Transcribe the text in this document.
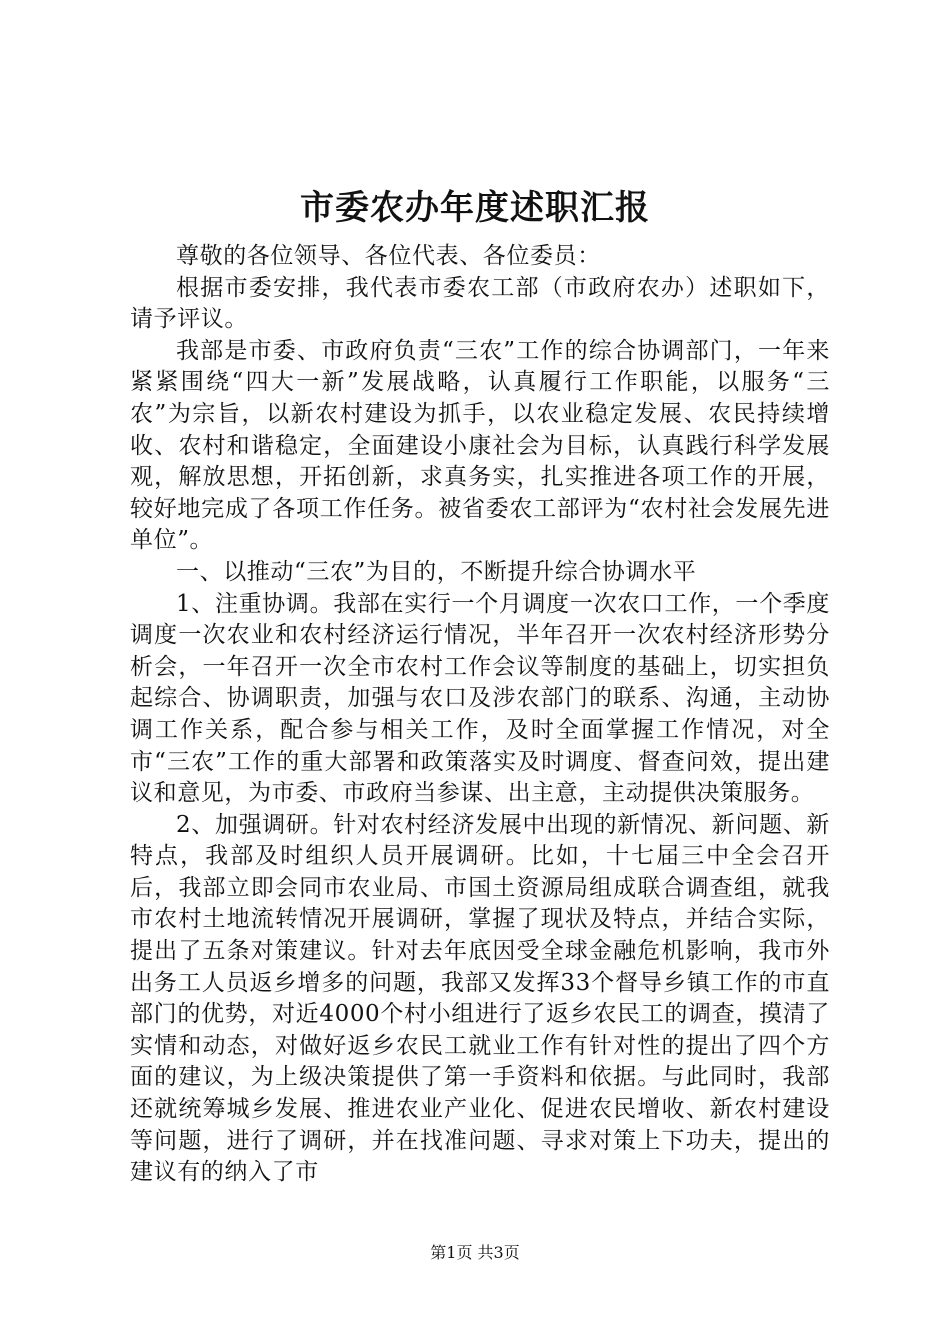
市委农办年度述职汇报

尊敬的各位领导、各位代表、各位委员：

根据市委安排，我代表市委农工部（市政府农办）述职如下，请予评议。

我部是市委、市政府负责“三农”工作的综合协调部门，一年来紧紧围绕“四大一新”发展战略，认真履行工作职能，以服务“三农”为宗旨，以新农村建设为抓手，以农业稳定发展、农民持续增收、农村和谐稳定，全面建设小康社会为目标，认真践行科学发展观，解放思想，开拓创新，求真务实，扎实推进各项工作的开展，较好地完成了各项工作任务。被省委农工部评为“农村社会发展先进单位”。

一、以推动“三农”为目的，不断提升综合协调水平

1、注重协调。我部在实行一个月调度一次农口工作，一个季度调度一次农业和农村经济运行情况，半年召开一次农村经济形势分析会，一年召开一次全市农村工作会议等制度的基础上，切实担负起综合、协调职责，加强与农口及涉农部门的联系、沟通，主动协调工作关系，配合参与相关工作，及时全面掌握工作情况，对全市“三农”工作的重大部署和政策落实及时调度、督查问效，提出建议和意见，为市委、市政府当参谋、出主意，主动提供决策服务。

2、加强调研。针对农村经济发展中出现的新情况、新问题、新特点，我部及时组织人员开展调研。比如，十七届三中全会召开后，我部立即会同市农业局、市国土资源局组成联合调查组，就我市农村土地流转情况开展调研，掌握了现状及特点，并结合实际，提出了五条对策建议。针对去年底因受全球金融危机影响，我市外出务工人员返乡增多的问题，我部又发挥33个督导乡镇工作的市直部门的优势，对近4000个村小组进行了返乡农民工的调查，摸清了实情和动态，对做好返乡农民工就业工作有针对性的提出了四个方面的建议，为上级决策提供了第一手资料和依据。与此同时，我部还就统筹城乡发展、推进农业产业化、促进农民增收、新农村建设等问题，进行了调研，并在找准问题、寻求对策上下功夫，提出的建议有的纳入了市

第1页 共3页
